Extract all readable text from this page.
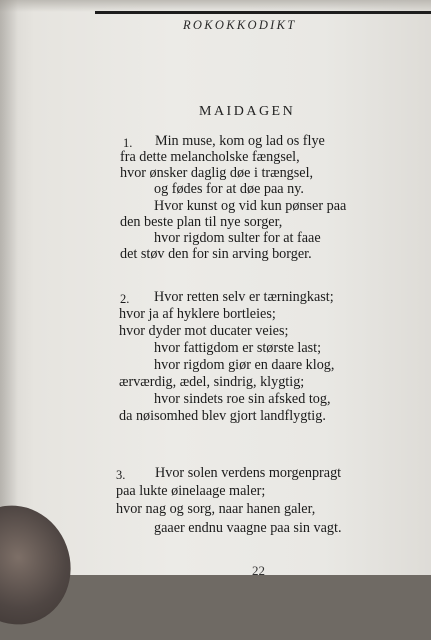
ROKOKKODIKT
MAIDAGEN
1. Min muse, kom og lad os flye
fra dette melancholske fængsel,
hvor ønsker daglig døe i trængsel,
og fødes for at døe paa ny.
Hvor kunst og vid kun pønser paa
den beste plan til nye sorger,
hvor rigdom sulter for at faae
det støv den for sin arving borger.
2. Hvor retten selv er tærningkast;
hvor ja af hyklere bortleies;
hvor dyder mot ducater veies;
hvor fattigdom er største last;
hvor rigdom giør en daare klog,
ærværdig, ædel, sindrig, klygtig;
hvor sindets roe sin afsked tog,
da nøisomhed blev gjort landflygtig.
3. Hvor solen verdens morgenpragt
paa lukte øinelaage maler;
hvor nag og sorg, naar hanen galer,
gaaer endnu vaagne paa sin vagt.
22
